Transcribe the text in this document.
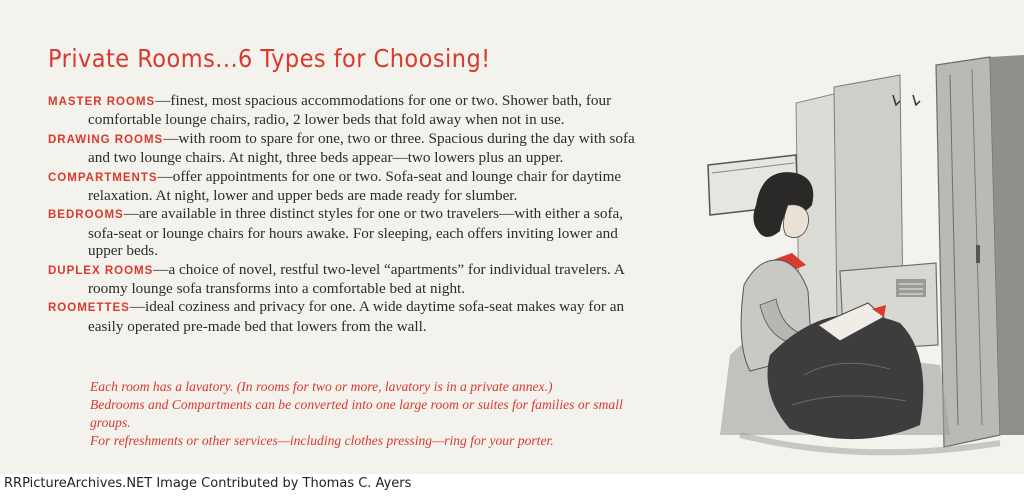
Private Rooms...6 Types for Choosing!

MASTER ROOMS—finest, most spacious accommodations for one or two. Shower bath, four comfortable lounge chairs, radio, 2 lower beds that fold away when not in use.

DRAWING ROOMS—with room to spare for one, two or three. Spacious during the day with sofa and two lounge chairs. At night, three beds appear—two lowers plus an upper.

COMPARTMENTS—offer appointments for one or two. Sofa-seat and lounge chair for daytime relaxation. At night, lower and upper beds are made ready for slumber.

BEDROOMS—are available in three distinct styles for one or two travelers—with either a sofa, sofa-seat or lounge chairs for hours awake. For sleeping, each offers inviting lower and upper beds.

DUPLEX ROOMS—a choice of novel, restful two-level “apartments” for individual travelers. A roomy lounge sofa transforms into a comfortable bed at night.

ROOMETTES—ideal coziness and privacy for one. A wide daytime sofa-seat makes way for an easily operated pre-made bed that lowers from the wall.

Each room has a lavatory. (In rooms for two or more, lavatory is in a private annex.)

Bedrooms and Compartments can be converted into one large room or suites for families or small groups.

For refreshments or other services—including clothes pressing—ring for your porter.

RRPictureArchives.NET Image Contributed by Thomas C. Ayers
